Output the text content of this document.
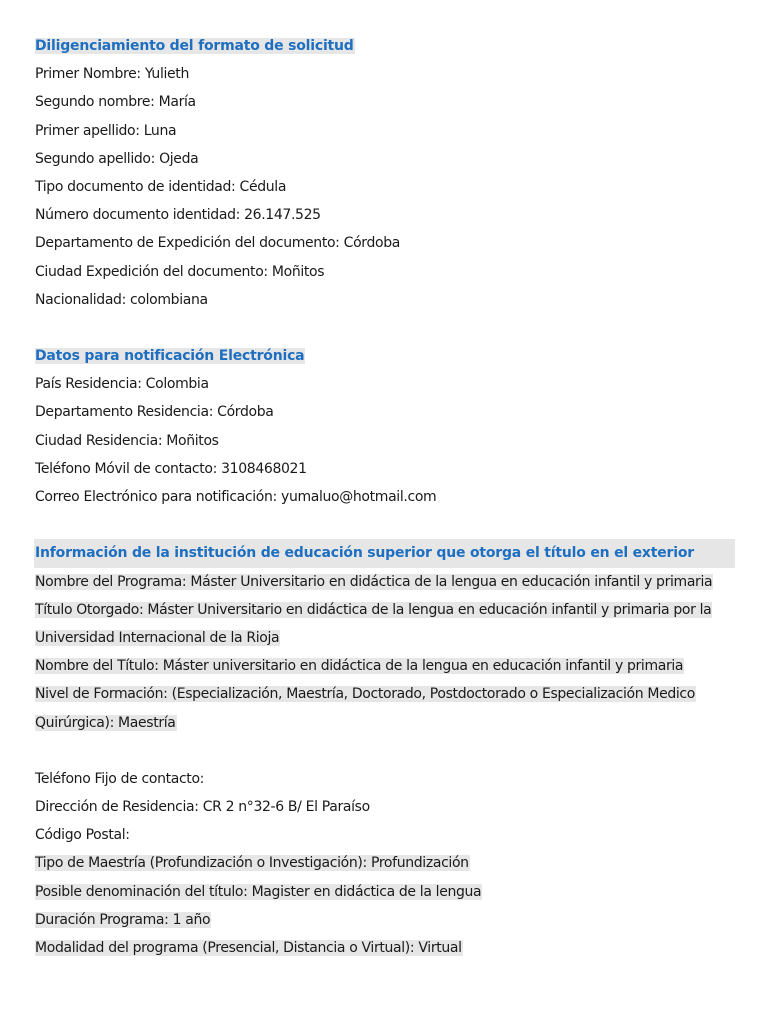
Diligenciamiento del formato de solicitud
Primer Nombre: Yulieth
Segundo nombre: María
Primer apellido: Luna
Segundo apellido: Ojeda
Tipo documento de identidad: Cédula
Número documento identidad: 26.147.525
Departamento de Expedición del documento: Córdoba
Ciudad Expedición del documento: Moñitos
Nacionalidad: colombiana
Datos para notificación Electrónica
País Residencia: Colombia
Departamento Residencia: Córdoba
Ciudad Residencia: Moñitos
Teléfono Móvil de contacto: 3108468021
Correo Electrónico para notificación: yumaluo@hotmail.com
Información de la institución de educación superior que otorga el título en el exterior
Nombre del Programa: Máster Universitario en didáctica de la lengua en educación infantil y primaria
Título Otorgado: Máster Universitario en didáctica de la lengua en educación infantil y primaria por la
Universidad Internacional de la Rioja
Nombre del Título: Máster universitario en didáctica de la lengua en educación infantil y primaria
Nivel de Formación: (Especialización, Maestría, Doctorado, Postdoctorado o Especialización Medico
Quirúrgica): Maestría
Teléfono Fijo de contacto:
Dirección de Residencia: CR 2 n°32-6 B/ El Paraíso
Código Postal:
Tipo de Maestría (Profundización o Investigación): Profundización
Posible denominación del título: Magister en didáctica de la lengua
Duración Programa: 1 año
Modalidad del programa (Presencial, Distancia o Virtual): Virtual
